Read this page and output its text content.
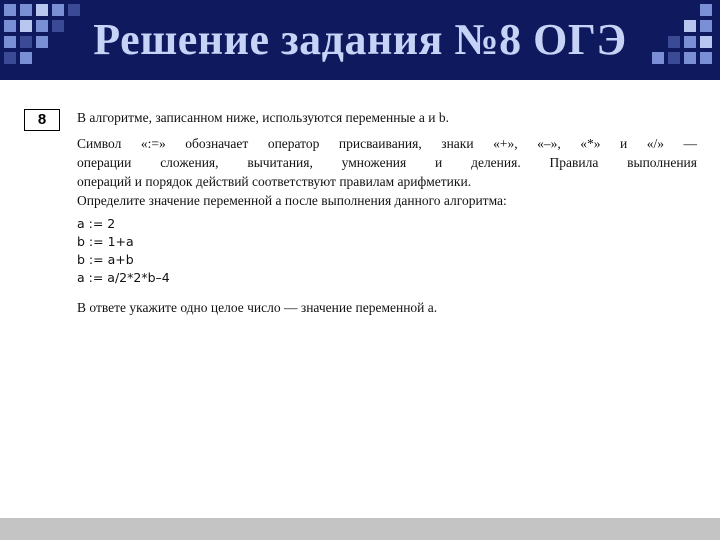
Решение задания №8 ОГЭ
8	В алгоритме, записанном ниже, используются переменные a и b.
Символ «:=» обозначает оператор присваивания, знаки «+», «–», «*» и «/» —
операции сложения, вычитания, умножения и деления. Правила выполнения
операций и порядок действий соответствуют правилам арифметики.
Определите значение переменной a после выполнения данного алгоритма:
a := 2
b := 1+a
b := a+b
a := a/2*2*b–4
В ответе укажите одно целое число — значение переменной a.
